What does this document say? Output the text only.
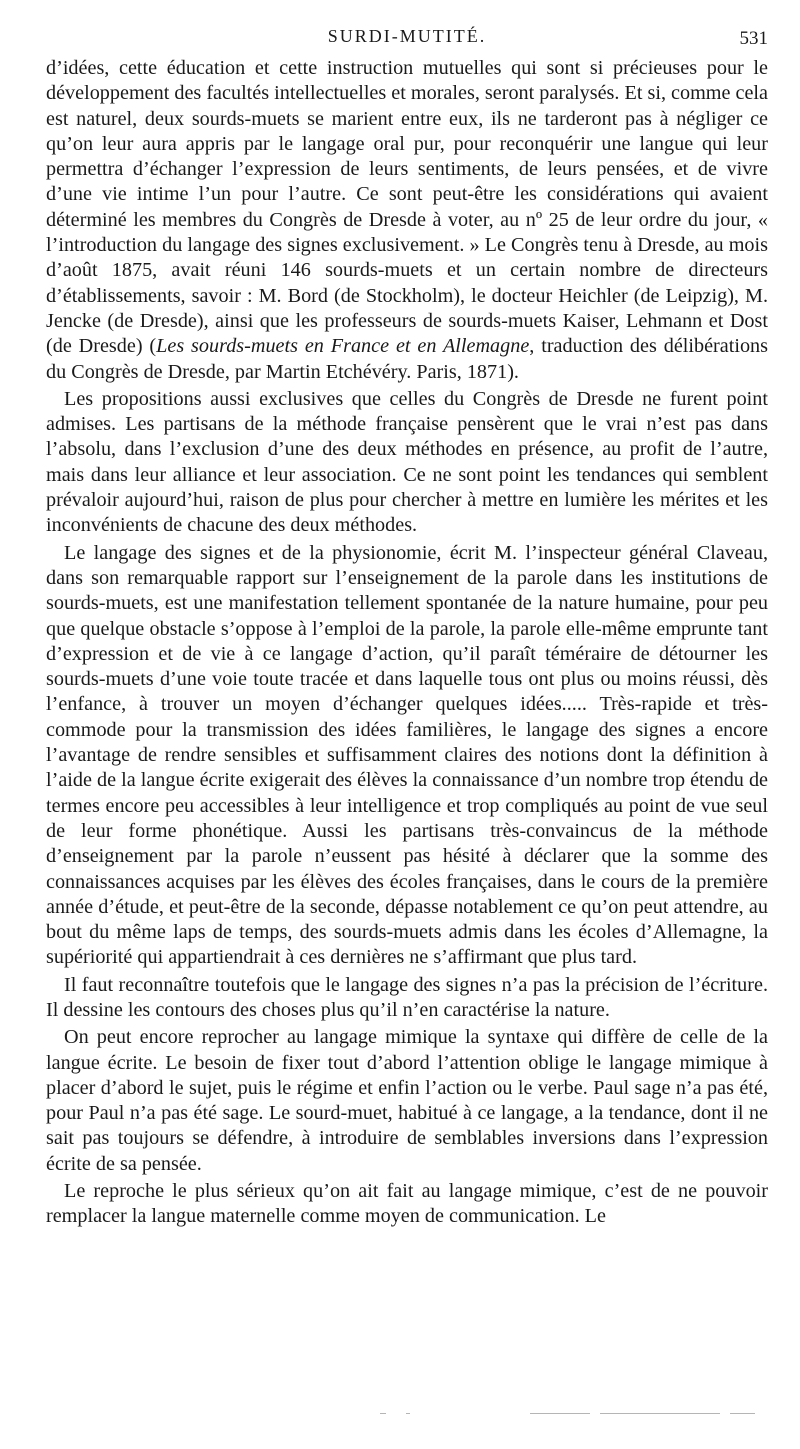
SURDI-MUTITÉ.	531

d’idées, cette éducation et cette instruction mutuelles qui sont si précieuses pour le développement des facultés intellectuelles et morales, seront paralysés. Et si, comme cela est naturel, deux sourds-muets se marient entre eux, ils ne tarderont pas à négliger ce qu’on leur aura appris par le langage oral pur, pour reconquérir une langue qui leur permettra d’échanger l’expression de leurs sentiments, de leurs pensées, et de vivre d’une vie intime l’un pour l’autre. Ce sont peut-être les considérations qui avaient déterminé les membres du Congrès de Dresde à voter, au nº 25 de leur ordre du jour, « l’introduction du langage des signes exclusivement. » Le Congrès tenu à Dresde, au mois d’août 1875, avait réuni 146 sourds-muets et un certain nombre de directeurs d’établissements, savoir : M. Bord (de Stockholm), le docteur Heichler (de Leipzig), M. Jencke (de Dresde), ainsi que les professeurs de sourds-muets Kaiser, Lehmann et Dost (de Dresde) (Les sourds-muets en France et en Allemagne, traduction des délibérations du Congrès de Dresde, par Martin Etchévéry. Paris, 1871).

Les propositions aussi exclusives que celles du Congrès de Dresde ne furent point admises. Les partisans de la méthode française pensèrent que le vrai n’est pas dans l’absolu, dans l’exclusion d’une des deux méthodes en présence, au profit de l’autre, mais dans leur alliance et leur association. Ce ne sont point les tendances qui semblent prévaloir aujourd’hui, raison de plus pour chercher à mettre en lumière les mérites et les inconvénients de chacune des deux méthodes.

Le langage des signes et de la physionomie, écrit M. l’inspecteur général Claveau, dans son remarquable rapport sur l’enseignement de la parole dans les institutions de sourds-muets, est une manifestation tellement spontanée de la nature humaine, pour peu que quelque obstacle s’oppose à l’emploi de la parole, la parole elle-même emprunte tant d’expression et de vie à ce langage d’action, qu’il paraît téméraire de détourner les sourds-muets d’une voie toute tracée et dans laquelle tous ont plus ou moins réussi, dès l’enfance, à trouver un moyen d’échanger quelques idées..... Très-rapide et très-commode pour la transmission des idées familières, le langage des signes a encore l’avantage de rendre sensibles et suffisamment claires des notions dont la définition à l’aide de la langue écrite exigerait des élèves la connaissance d’un nombre trop étendu de termes encore peu accessibles à leur intelligence et trop compliqués au point de vue seul de leur forme phonétique. Aussi les partisans très-convaincus de la méthode d’enseignement par la parole n’eussent pas hésité à déclarer que la somme des connaissances acquises par les élèves des écoles françaises, dans le cours de la première année d’étude, et peut-être de la seconde, dépasse notablement ce qu’on peut attendre, au bout du même laps de temps, des sourds-muets admis dans les écoles d’Allemagne, la supériorité qui appartiendrait à ces dernières ne s’affirmant que plus tard.

Il faut reconnaître toutefois que le langage des signes n’a pas la précision de l’écriture. Il dessine les contours des choses plus qu’il n’en caractérise la nature.

On peut encore reprocher au langage mimique la syntaxe qui diffère de celle de la langue écrite. Le besoin de fixer tout d’abord l’attention oblige le langage mimique à placer d’abord le sujet, puis le régime et enfin l’action ou le verbe. Paul sage n’a pas été, pour Paul n’a pas été sage. Le sourd-muet, habitué à ce langage, a la tendance, dont il ne sait pas toujours se défendre, à introduire de semblables inversions dans l’expression écrite de sa pensée.

Le reproche le plus sérieux qu’on ait fait au langage mimique, c’est de ne pouvoir remplacer la langue maternelle comme moyen de communication. Le
